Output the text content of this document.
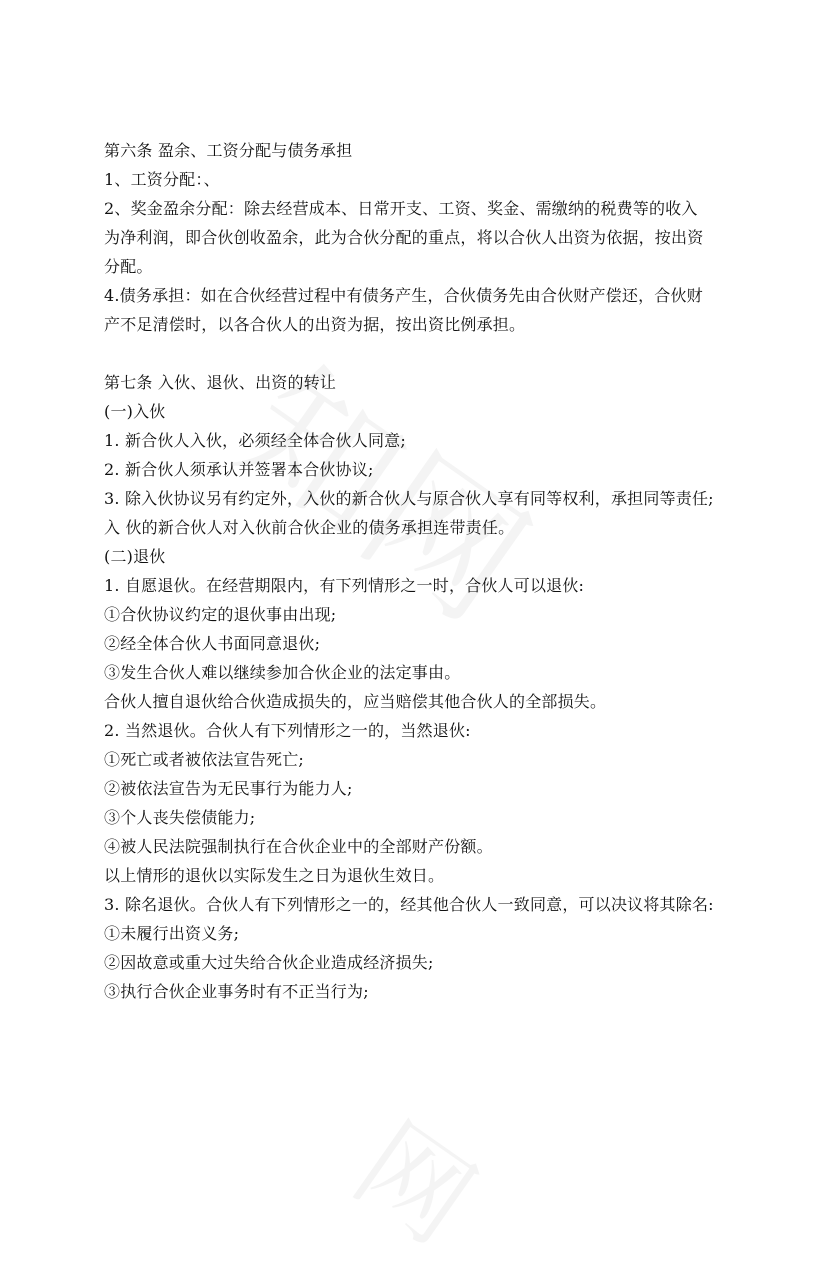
第六条 盈余、工资分配与债务承担
1、工资分配：、
2、奖金盈余分配：除去经营成本、日常开支、工资、奖金、需缴纳的税费等的收入
为净利润，即合伙创收盈余，此为合伙分配的重点，将以合伙人出资为依据，按出资
分配。
4.债务承担：如在合伙经营过程中有债务产生，合伙债务先由合伙财产偿还，合伙财
产不足清偿时，以各合伙人的出资为据，按出资比例承担。
第七条 入伙、退伙、出资的转让
(一)入伙
1. 新合伙人入伙，必须经全体合伙人同意;
2. 新合伙人须承认并签署本合伙协议;
3. 除入伙协议另有约定外，入伙的新合伙人与原合伙人享有同等权利，承担同等责任;
入 伙的新合伙人对入伙前合伙企业的债务承担连带责任。
(二)退伙
1. 自愿退伙。在经营期限内，有下列情形之一时，合伙人可以退伙:
①合伙协议约定的退伙事由出现;
②经全体合伙人书面同意退伙;
③发生合伙人难以继续参加合伙企业的法定事由。
合伙人擅自退伙给合伙造成损失的，应当赔偿其他合伙人的全部损失。
2. 当然退伙。合伙人有下列情形之一的，当然退伙:
①死亡或者被依法宣告死亡;
②被依法宣告为无民事行为能力人;
③个人丧失偿债能力;
④被人民法院强制执行在合伙企业中的全部财产份额。
以上情形的退伙以实际发生之日为退伙生效日。
3. 除名退伙。合伙人有下列情形之一的，经其他合伙人一致同意，可以决议将其除名:
①未履行出资义务;
②因故意或重大过失给合伙企业造成经济损失;
③执行合伙企业事务时有不正当行为;
